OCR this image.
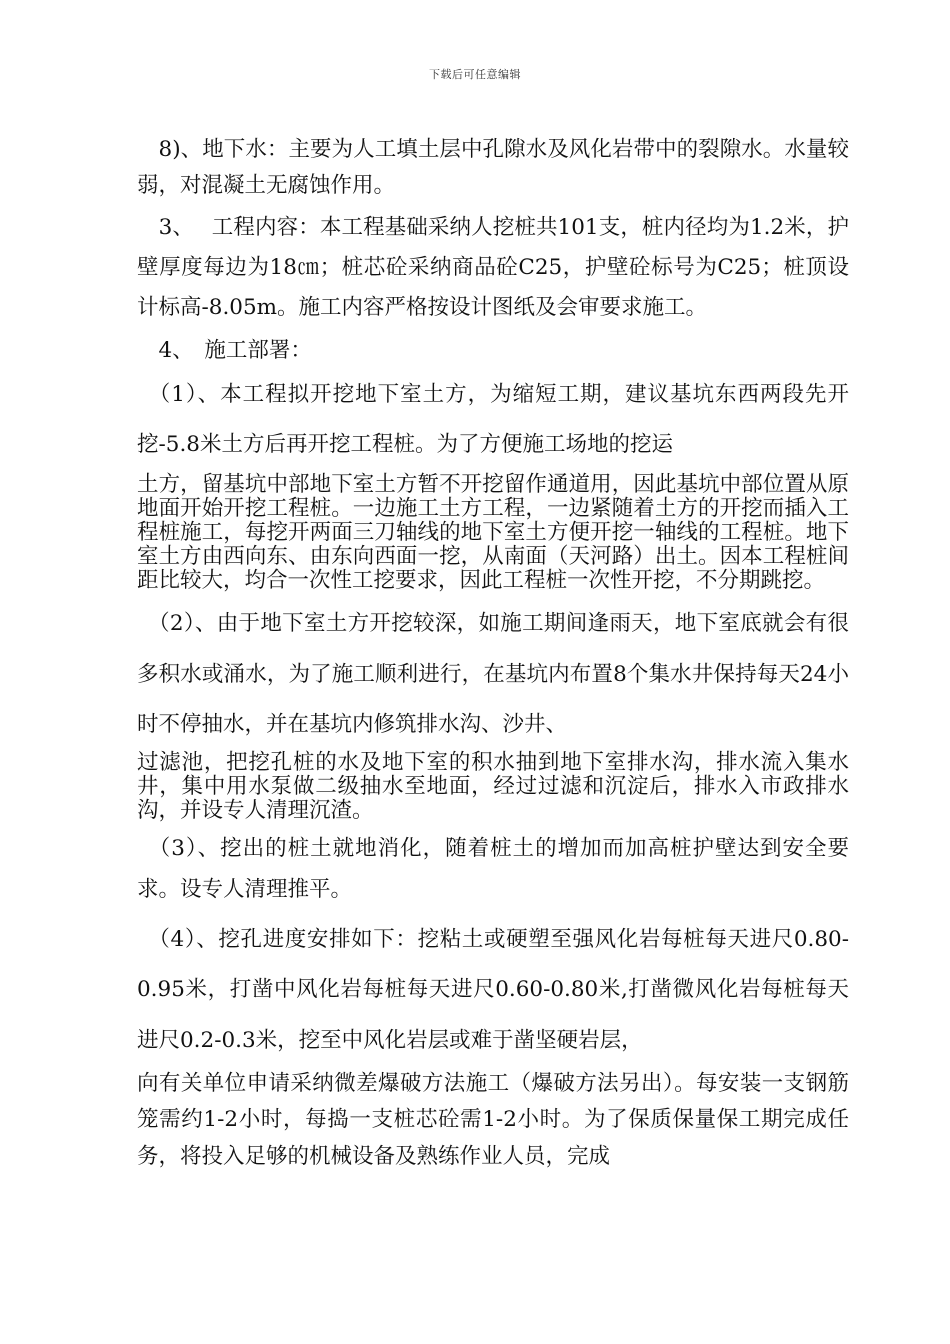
下载后可任意编辑

　8)、地下水：主要为人工填土层中孔隙水及风化岩带中的裂隙水。水量较弱，对混凝土无腐蚀作用。

　3、　 工程内容：本工程基础采纳人挖桩共101支，桩内径均为1.2米，护壁厚度每边为18㎝；桩芯砼采纳商品砼C25，护壁砼标号为C25；桩顶设计标高-8.05m。施工内容严格按设计图纸及会审要求施工。

　4、　施工部署：

　（1）、本工程拟开挖地下室土方，为缩短工期，建议基坑东西两段先开挖-5.8米土方后再开挖工程桩。为了方便施工场地的挖运

土方，留基坑中部地下室土方暂不开挖留作通道用，因此基坑中部位置从原地面开始开挖工程桩。一边施工土方工程，一边紧随着土方的开挖而插入工程桩施工，每挖开两面三刀轴线的地下室土方便开挖一轴线的工程桩。地下室土方由西向东、由东向西面一挖，从南面（天河路）出土。因本工程桩间距比较大，均合一次性工挖要求，因此工程桩一次性开挖，不分期跳挖。

　（2）、由于地下室土方开挖较深，如施工期间逢雨天，地下室底就会有很多积水或涌水，为了施工顺利进行，在基坑内布置8个集水井保持每天24小时不停抽水，并在基坑内修筑排水沟、沙井、

过滤池，把挖孔桩的水及地下室的积水抽到地下室排水沟，排水流入集水井，集中用水泵做二级抽水至地面，经过过滤和沉淀后，排水入市政排水沟，并设专人清理沉渣。

　（3）、挖出的桩土就地消化，随着桩土的增加而加高桩护壁达到安全要求。设专人清理推平。

　（4）、挖孔进度安排如下：挖粘土或硬塑至强风化岩每桩每天进尺0.80-0.95米，打凿中风化岩每桩每天进尺0.60-0.80米,打凿微风化岩每桩每天进尺0.2-0.3米，挖至中风化岩层或难于凿坚硬岩层，

向有关单位申请采纳微差爆破方法施工（爆破方法另出）。每安装一支钢筋笼需约1-2小时，每捣一支桩芯砼需1-2小时。为了保质保量保工期完成任务，将投入足够的机械设备及熟练作业人员，完成
